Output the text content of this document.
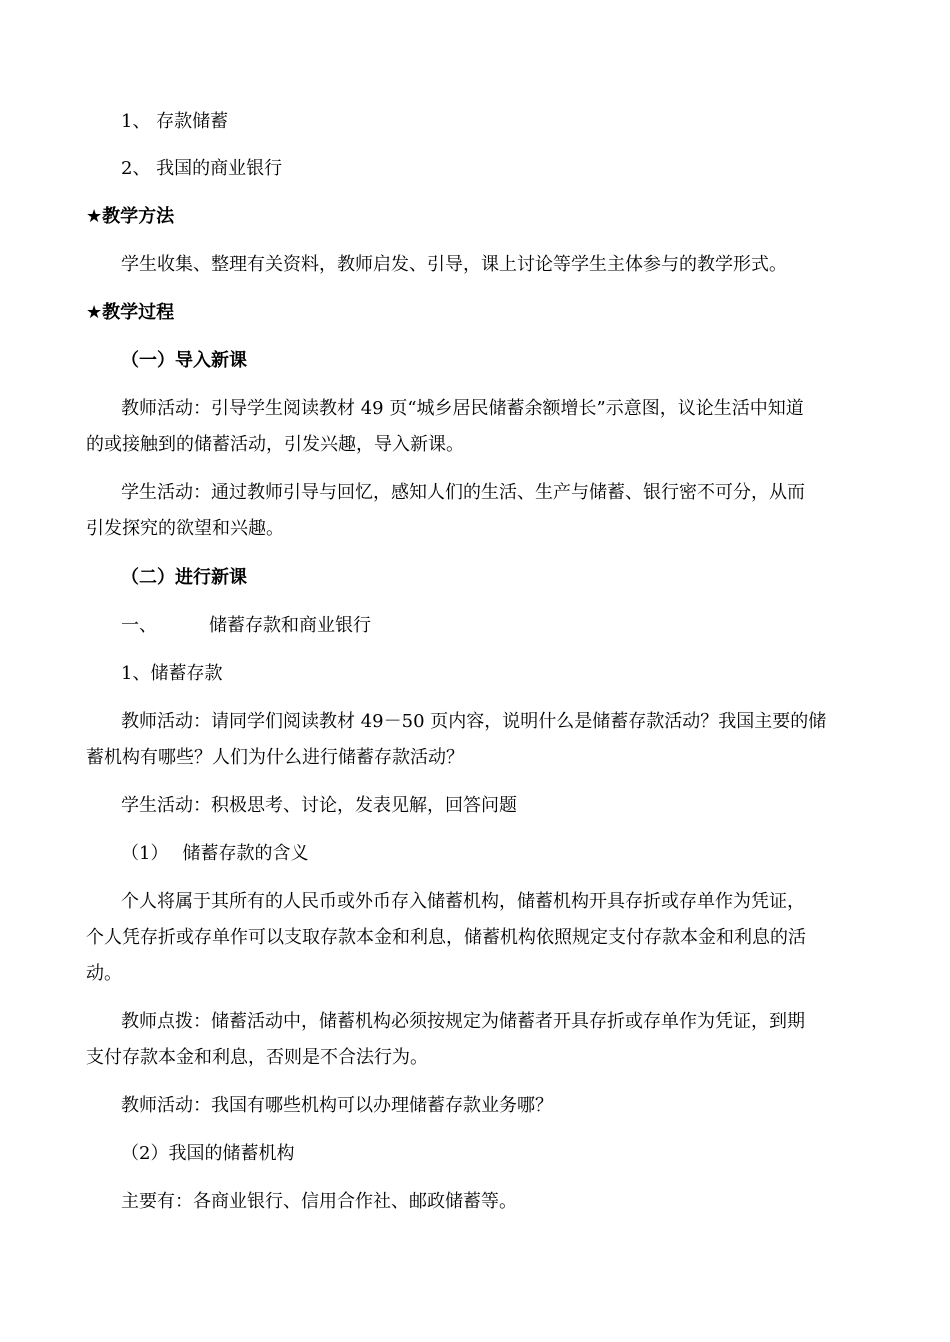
1、 存款储蓄
2、 我国的商业银行
★教学方法
学生收集、整理有关资料，教师启发、引导，课上讨论等学生主体参与的教学形式。
★教学过程
（一）导入新课
教师活动：引导学生阅读教材 49 页“城乡居民储蓄余额增长”示意图，议论生活中知道
的或接触到的储蓄活动，引发兴趣，导入新课。
学生活动：通过教师引导与回忆，感知人们的生活、生产与储蓄、银行密不可分，从而
引发探究的欲望和兴趣。
（二）进行新课
一、	储蓄存款和商业银行
1、储蓄存款
教师活动：请同学们阅读教材 49－50 页内容，说明什么是储蓄存款活动？我国主要的储
蓄机构有哪些？人们为什么进行储蓄存款活动？
学生活动：积极思考、讨论，发表见解，回答问题
（1） 储蓄存款的含义
个人将属于其所有的人民币或外币存入储蓄机构，储蓄机构开具存折或存单作为凭证，
个人凭存折或存单作可以支取存款本金和利息，储蓄机构依照规定支付存款本金和利息的活
动。
教师点拨：储蓄活动中，储蓄机构必须按规定为储蓄者开具存折或存单作为凭证，到期
支付存款本金和利息，否则是不合法行为。
教师活动：我国有哪些机构可以办理储蓄存款业务哪？
（2）我国的储蓄机构
主要有：各商业银行、信用合作社、邮政储蓄等。
